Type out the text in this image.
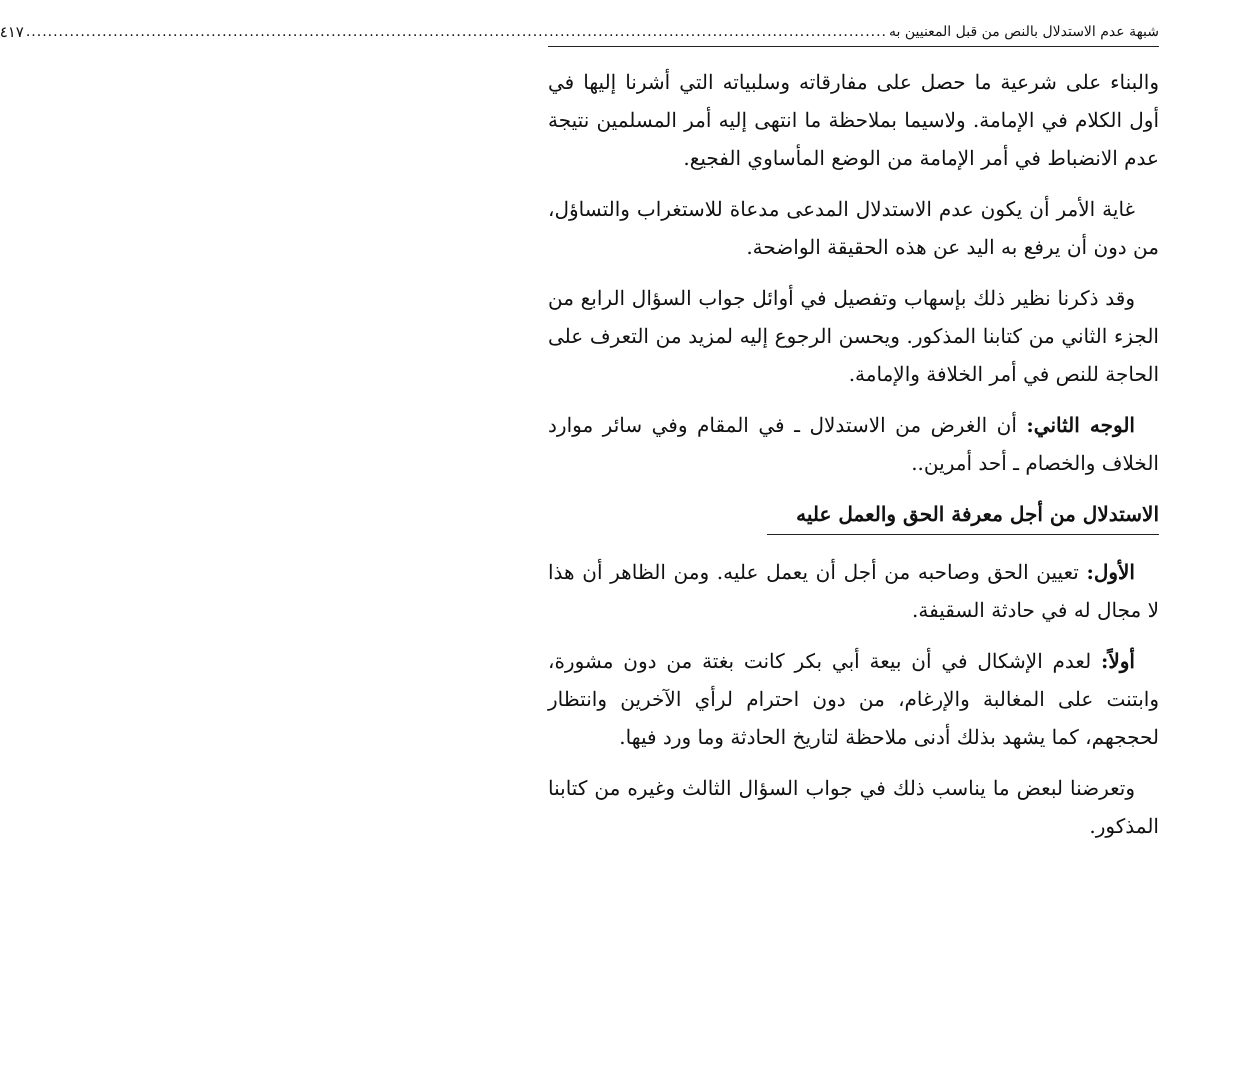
شبهة عدم الاستدلال بالنص من قبل المعنيين به
.....
٤١٧

والبناء على شرعية ما حصل على مفارقاته وسلبياته التي أشرنا إليها في أول الكلام في الإمامة. ولاسيما بملاحظة ما انتهى إليه أمر المسلمين نتيجة عدم الانضباط في أمر الإمامة من الوضع المأساوي الفجيع.

غاية الأمر أن يكون عدم الاستدلال المدعى مدعاة للاستغراب والتساؤل، من دون أن يرفع به اليد عن هذه الحقيقة الواضحة.

وقد ذكرنا نظير ذلك بإسهاب وتفصيل في أوائل جواب السؤال الرابع من الجزء الثاني من كتابنا المذكور. ويحسن الرجوع إليه لمزيد من التعرف على الحاجة للنص في أمر الخلافة والإمامة.

الوجه الثاني: أن الغرض من الاستدلال ـ في المقام وفي سائر موارد الخلاف والخصام ـ أحد أمرين..

الاستدلال من أجل معرفة الحق والعمل عليه

الأول: تعيين الحق وصاحبه من أجل أن يعمل عليه. ومن الظاهر أن هذا لا مجال له في حادثة السقيفة.

أولاً: لعدم الإشكال في أن بيعة أبي بكر كانت بغتة من دون مشورة، وابتنت على المغالبة والإرغام، من دون احترام لرأي الآخرين وانتظار لحججهم، كما يشهد بذلك أدنى ملاحظة لتاريخ الحادثة وما ورد فيها.

وتعرضنا لبعض ما يناسب ذلك في جواب السؤال الثالث وغيره من كتابنا المذكور.
